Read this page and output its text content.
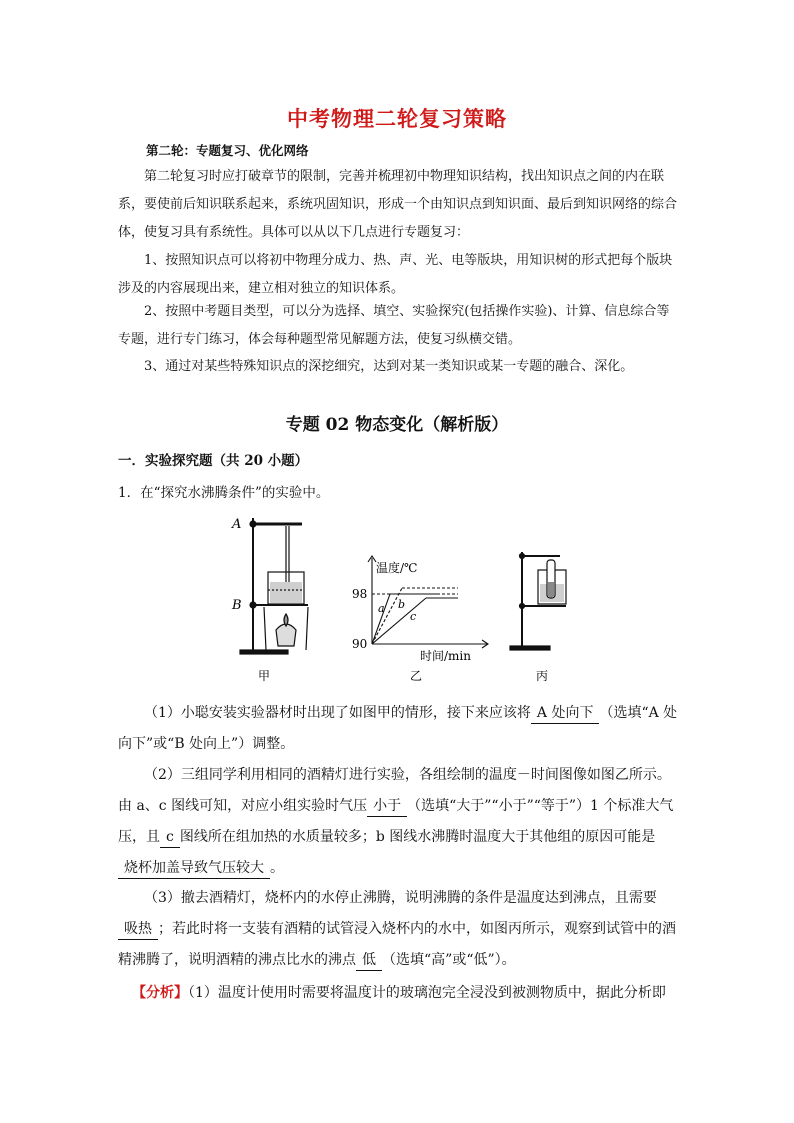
中考物理二轮复习策略
第二轮：专题复习、优化网络
第二轮复习时应打破章节的限制，完善并梳理初中物理知识结构，找出知识点之间的内在联系，要使前后知识联系起来，系统巩固知识，形成一个由知识点到知识面、最后到知识网络的综合体，使复习具有系统性。具体可以从以下几点进行专题复习：
1、按照知识点可以将初中物理分成力、热、声、光、电等版块，用知识树的形式把每个版块涉及的内容展现出来，建立相对独立的知识体系。
2、按照中考题目类型，可以分为选择、填空、实验探究(包括操作实验)、计算、信息综合等专题，进行专门练习，体会每种题型常见解题方法，使复习纵横交错。
3、通过对某些特殊知识点的深挖细究，达到对某一类知识或某一专题的融合、深化。
专题 02 物态变化（解析版）
一．实验探究题（共 20 小题）
1．在“探究水沸腾条件”的实验中。
A
B
甲
温度/℃
98
90
a b
c
时间/min
乙	丙
（1）小聪安装实验器材时出现了如图甲的情形，接下来应该将 A 处向下 （选填“A 处向下”或“B 处向上”）调整。
（2）三组同学利用相同的酒精灯进行实验，各组绘制的温度－时间图像如图乙所示。由 a、c 图线可知，对应小组实验时气压 小于 （选填“大于”“小于”“等于”）1 个标准大气压，且 c 图线所在组加热的水质量较多；b 图线水沸腾时温度大于其他组的原因可能是烧杯加盖导致气压较大 。
（3）撤去酒精灯，烧杯内的水停止沸腾，说明沸腾的条件是温度达到沸点，且需要吸热 ；若此时将一支装有酒精的试管浸入烧杯内的水中，如图丙所示，观察到试管中的酒精沸腾了，说明酒精的沸点比水的沸点 低 （选填“高”或“低”）。
【分析】（1）温度计使用时需要将温度计的玻璃泡完全浸没到被测物质中，据此分析即
